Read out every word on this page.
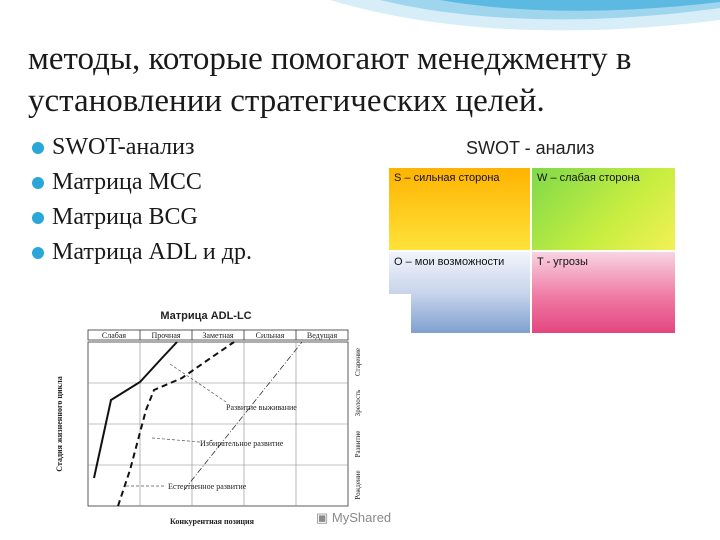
методы, которые помогают менеджменту в установлении стратегических целей.
SWOT-анализ
Матрица МСС
Матрица BCG
Матрица ADL и др.
SWOT - анализ
S – сильная сторона	W – слабая сторона
O – мои возможности	T - угрозы
Матрица ADL-LC
Слабая	Прочная	Заметная	Сильная	Ведущая
Развитие выживание
Избирательное развитие
Естественное развитие
Стадия жизненного цикла
Конкурентная позиция
Рождение
Развитие
Зрелость
Старение
▣ MyShared
